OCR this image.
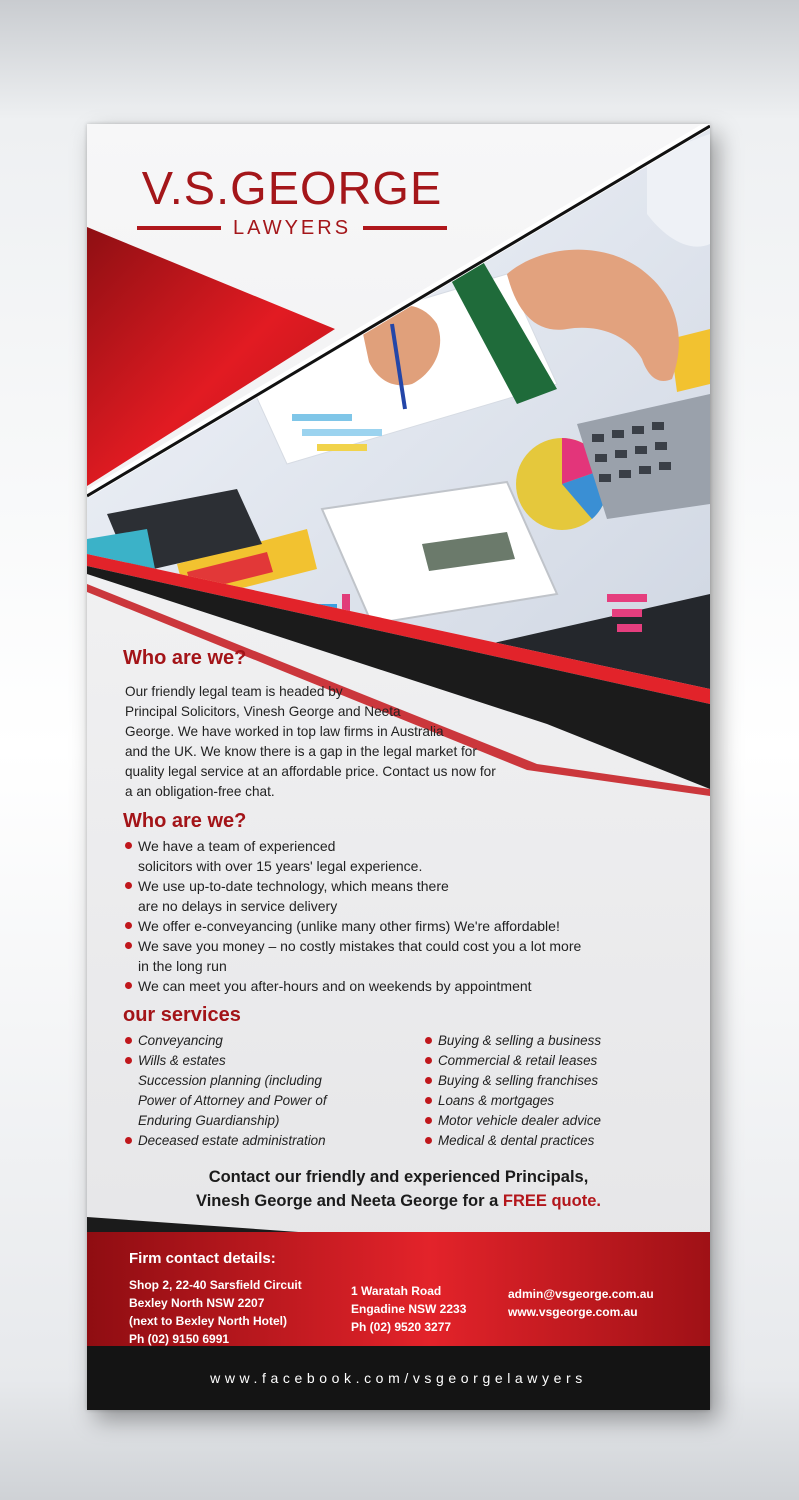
V.S.GEORGE
LAWYERS
Who are we?
Our friendly legal team is headed by
Principal Solicitors, Vinesh George and Neeta
George. We have worked in top law firms in Australia
and the UK. We know there is a gap in the legal market for
quality legal service at an affordable price. Contact us now for
a an obligation-free chat.
Who are we?
We have a team of experienced
solicitors with over 15 years' legal experience.
We use up-to-date technology, which means there
are no delays in service delivery
We offer e-conveyancing (unlike many other firms) We're affordable!
We save you money – no costly mistakes that could cost you a lot more
in the long run
We can meet you after-hours and on weekends by appointment
our services
Conveyancing
Wills & estates
Succession planning (including
Power of Attorney and Power of
Enduring Guardianship)
Deceased estate administration
Buying & selling a business
Commercial & retail leases
Buying & selling franchises
Loans & mortgages
Motor vehicle dealer advice
Medical & dental practices
Contact our friendly and experienced Principals,
Vinesh George and Neeta George for a FREE quote.
Firm contact details:
Shop 2, 22-40 Sarsfield Circuit
Bexley North NSW 2207
(next to Bexley North Hotel)
Ph (02) 9150 6991
1 Waratah Road
Engadine NSW 2233
Ph (02) 9520 3277
admin@vsgeorge.com.au
www.vsgeorge.com.au
www.facebook.com/vsgeorgelawyers
